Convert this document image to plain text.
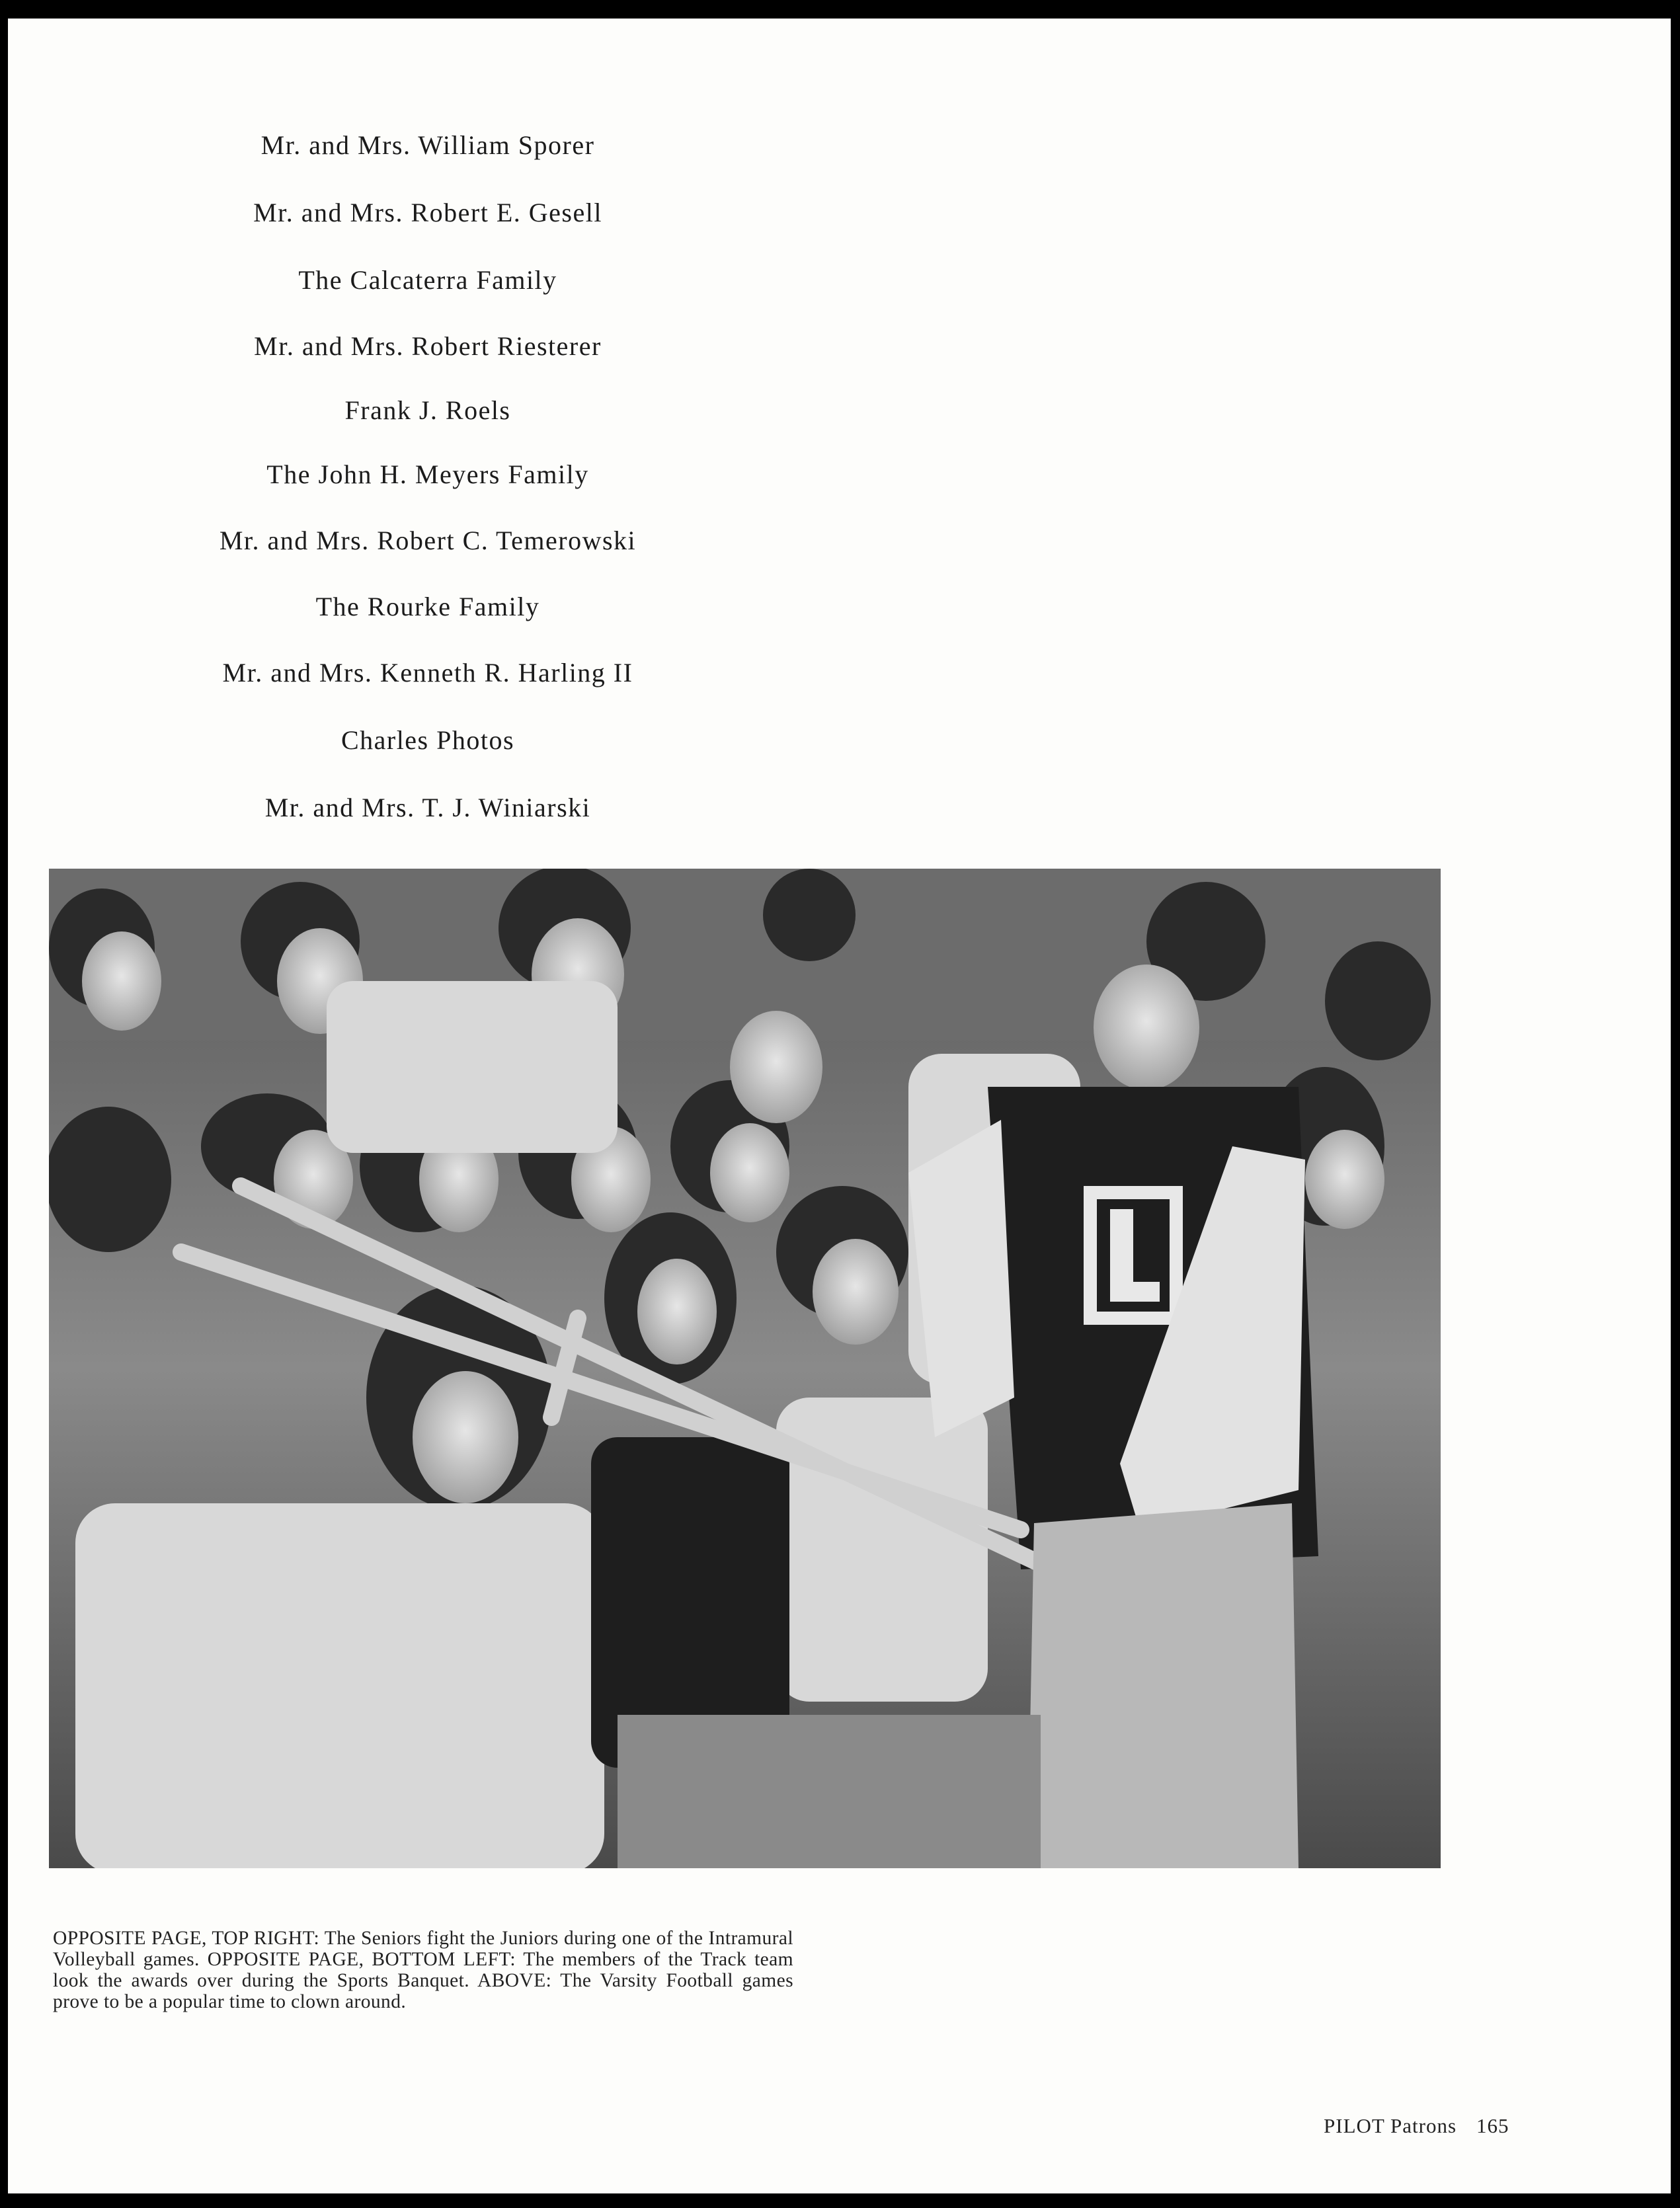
Mr. and Mrs. William Sporer
Mr. and Mrs. Robert E. Gesell
The Calcaterra Family
Mr. and Mrs. Robert Riesterer
Frank J. Roels
The John H. Meyers Family
Mr. and Mrs. Robert C. Temerowski
The Rourke Family
Mr. and Mrs. Kenneth R. Harling II
Charles Photos
Mr. and Mrs. T. J. Winiarski
OPPOSITE PAGE, TOP RIGHT: The Seniors fight the Juniors during one of the Intramural Volleyball games. OPPOSITE PAGE, BOTTOM LEFT: The members of the Track team look the awards over during the Sports Banquet. ABOVE: The Varsity Football games prove to be a popular time to clown around.
PILOT Patrons 165
